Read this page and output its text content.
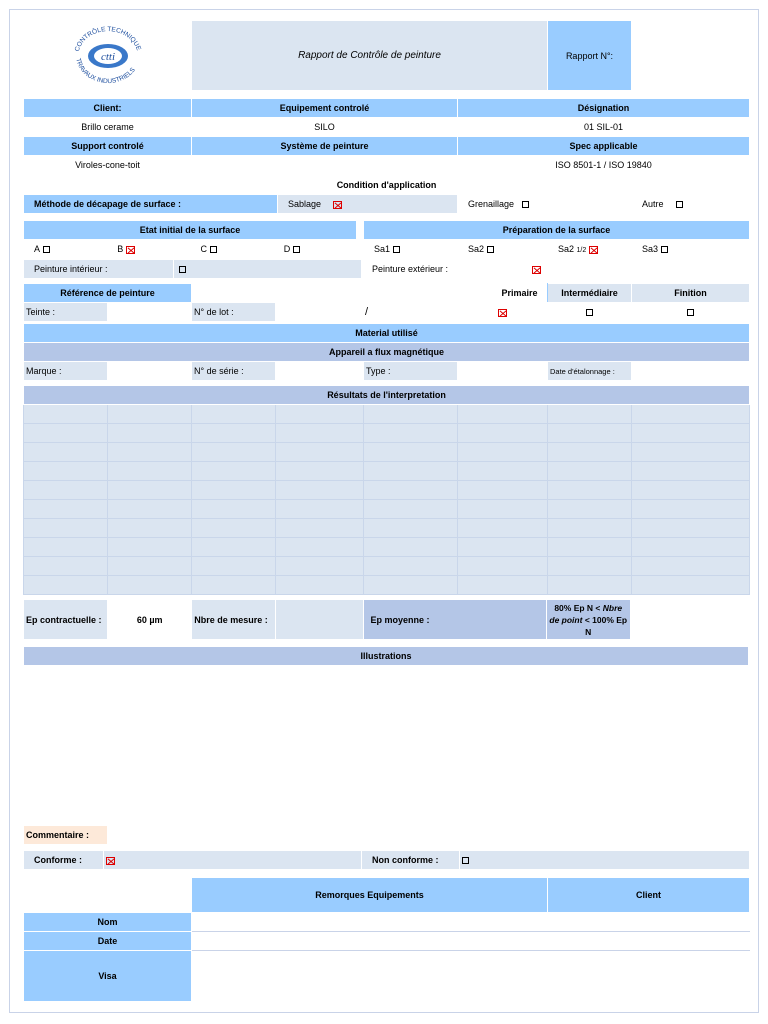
ctti
CONTRÔLE TECHNIQUE
TRAVAUX INDUSTRIELS
	Rapport de Contrôle de peinture	Rapport N°:	
Client:	Equipement controlé	Désignation
Brillo cerame	SILO	01 SIL-01
Support controlé	Système de peinture	Spec applicable
Viroles-cone-toit		ISO 8501-1 / ISO 19840
Condition d'application
Méthode de décapage de surface :	Sablage	Grenaillage	Autre
Etat initial de la surface
A	B	C	D
Préparation de la surface
Sa1	Sa2	Sa2 1/2	Sa3
Peinture intérieur :		Peinture extérieur :	
Référence de peinture		Primaire			Intermédiaire	Finition
Teinte :		N° de lot :	/			
Material utilisé
Appareil a flux magnétique
Marque :		N° de série :		Type :		Date d'étalonnage :	
Résultats de l'interpretation							

Ep contractuelle :	60 µm	Nbre de mesure :		Ep moyenne :	80% Ep N < Nbre de point < 100% Ep N	
Illustrations

Commentaire :	
Conforme :		Non conforme :	
	Remorques Equipements	Client
Nom		
Date		
Visa		
